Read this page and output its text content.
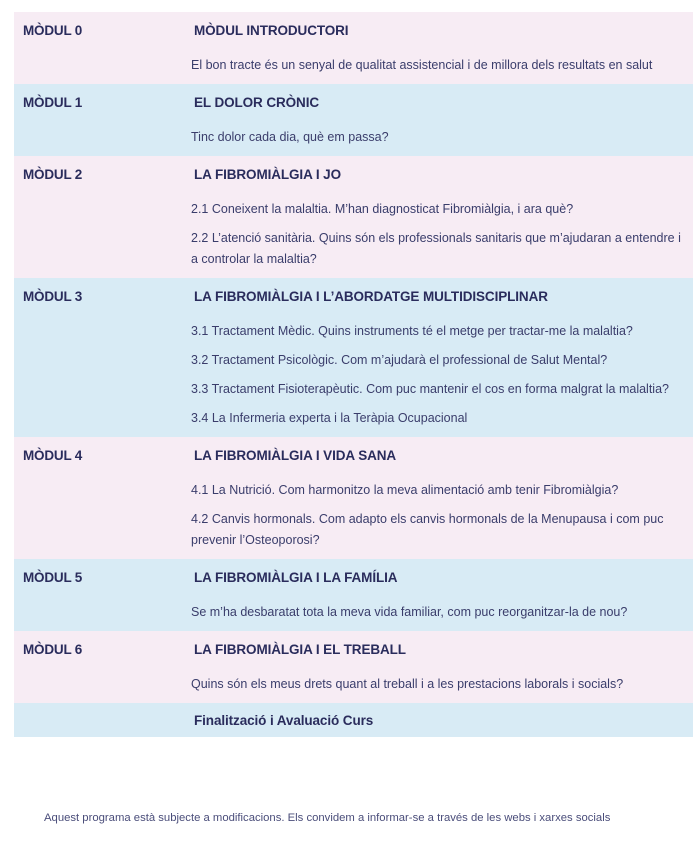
MÒDUL 0	MÒDUL INTRODUCTORI
El bon tracte és un senyal de qualitat assistencial i de millora dels resultats en salut
MÒDUL 1	EL DOLOR CRÒNIC
Tinc dolor cada dia, què em passa?
MÒDUL 2	LA FIBROMIÀLGIA I JO
2.1 Coneixent la malaltia. M’han diagnosticat Fibromiàlgia, i ara què?
2.2 L’atenció sanitària. Quins són els professionals sanitaris que m’ajudaran a entendre i a controlar la malaltia?
MÒDUL 3	LA FIBROMIÀLGIA I L’ABORDATGE MULTIDISCIPLINAR
3.1 Tractament Mèdic. Quins instruments té el metge per tractar-me la malaltia?
3.2 Tractament Psicològic. Com m’ajudarà el professional de Salut Mental?
3.3 Tractament Fisioterapèutic. Com puc mantenir el cos en forma malgrat la malaltia?
3.4 La Infermeria experta i la Teràpia Ocupacional
MÒDUL 4	LA FIBROMIÀLGIA I VIDA SANA
4.1 La Nutrició. Com harmonitzo la meva alimentació amb tenir Fibromiàlgia?
4.2 Canvis hormonals. Com adapto els canvis hormonals de la Menupausa i com puc prevenir l’Osteoporosi?
MÒDUL 5	LA FIBROMIÀLGIA I LA FAMÍLIA
Se m’ha desbaratat tota la meva vida familiar, com puc reorganitzar-la de nou?
MÒDUL 6	LA FIBROMIÀLGIA I EL TREBALL
Quins són els meus drets quant al treball i a les prestacions laborals i socials?
Finalització i Avaluació Curs
Aquest programa està subjecte a modificacions. Els convidem a informar-se a través de les webs i xarxes socials
